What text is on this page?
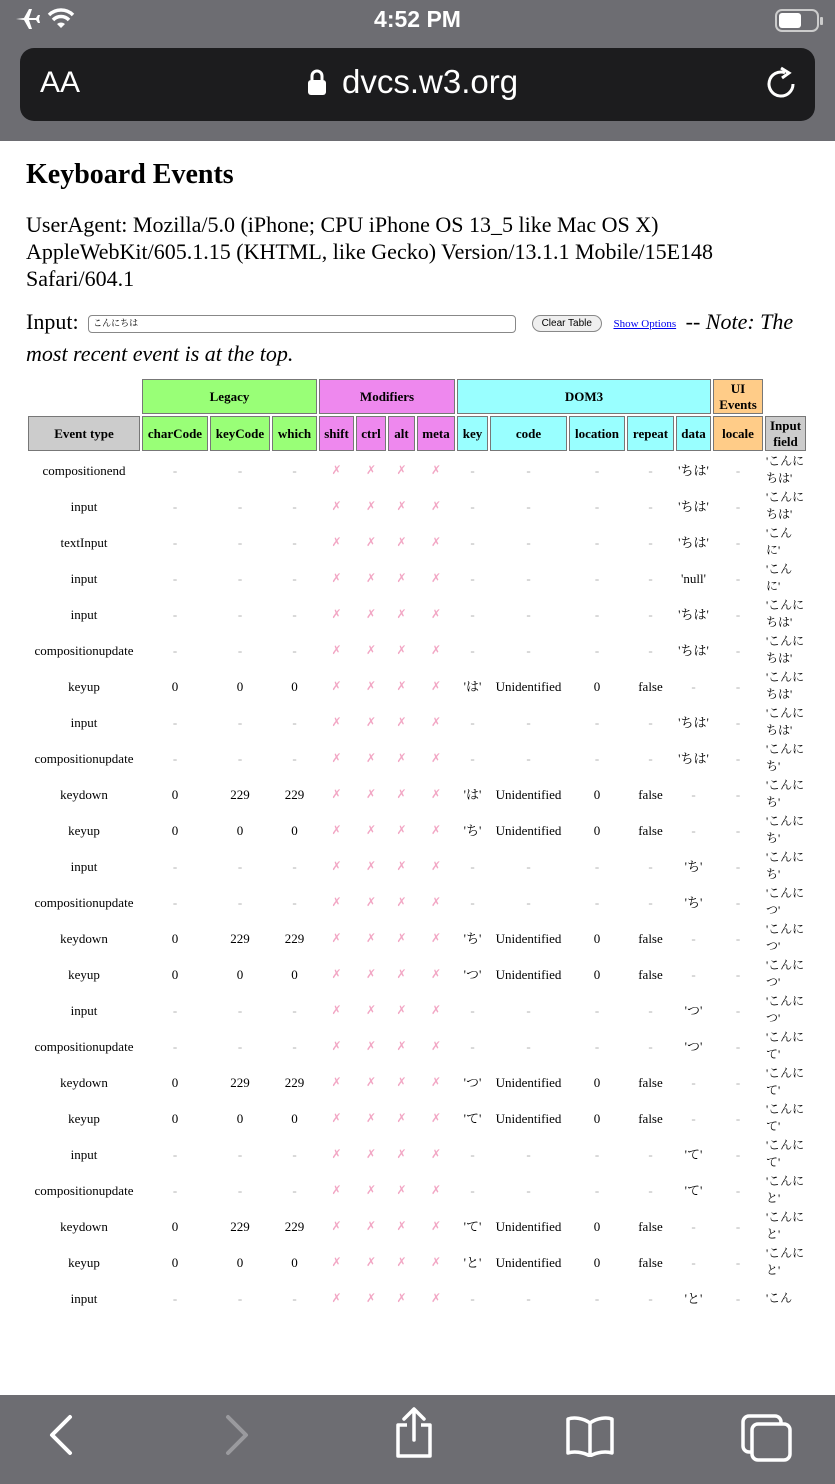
4:52 PM
AA	dvcs.w3.org
Keyboard Events
UserAgent: Mozilla/5.0 (iPhone; CPU iPhone OS 13_5 like Mac OS X) AppleWebKit/605.1.15 (KHTML, like Gecko) Version/13.1.1 Mobile/15E148 Safari/604.1
Input: こんにちは	Clear Table Show Options -- Note: The most recent event is at the top.
	Legacy			Modifiers				DOM3					UI Events	
Event type	charCode	keyCode	which	shift	ctrl	alt	meta	key	code	location	repeat	data	locale	Input field
compositionend	-	-	-	✗	✗	✗	✗	-	-	-	-	'ちは'	-	'こんにちは'
input	-	-	-	✗	✗	✗	✗	-	-	-	-	'ちは'	-	'こんにちは'
textInput	-	-	-	✗	✗	✗	✗	-	-	-	-	'ちは'	-	'こんに'
input	-	-	-	✗	✗	✗	✗	-	-	-	-	'null'	-	'こんに'
input	-	-	-	✗	✗	✗	✗	-	-	-	-	'ちは'	-	'こんにちは'
compositionupdate	-	-	-	✗	✗	✗	✗	-	-	-	-	'ちは'	-	'こんにちは'
keyup	0	0	0	✗	✗	✗	✗	'は'	Unidentified	0	false	-	-	'こんにちは'
input	-	-	-	✗	✗	✗	✗	-	-	-	-	'ちは'	-	'こんにちは'
compositionupdate	-	-	-	✗	✗	✗	✗	-	-	-	-	'ちは'	-	'こんにち'
keydown	0	229	229	✗	✗	✗	✗	'は'	Unidentified	0	false	-	-	'こんにち'
keyup	0	0	0	✗	✗	✗	✗	'ち'	Unidentified	0	false	-	-	'こんにち'
input	-	-	-	✗	✗	✗	✗	-	-	-	-	'ち'	-	'こんにち'
compositionupdate	-	-	-	✗	✗	✗	✗	-	-	-	-	'ち'	-	'こんにつ'
keydown	0	229	229	✗	✗	✗	✗	'ち'	Unidentified	0	false	-	-	'こんにつ'
keyup	0	0	0	✗	✗	✗	✗	'つ'	Unidentified	0	false	-	-	'こんにつ'
input	-	-	-	✗	✗	✗	✗	-	-	-	-	'つ'	-	'こんにつ'
compositionupdate	-	-	-	✗	✗	✗	✗	-	-	-	-	'つ'	-	'こんにて'
keydown	0	229	229	✗	✗	✗	✗	'つ'	Unidentified	0	false	-	-	'こんにて'
keyup	0	0	0	✗	✗	✗	✗	'て'	Unidentified	0	false	-	-	'こんにて'
input	-	-	-	✗	✗	✗	✗	-	-	-	-	'て'	-	'こんにて'
compositionupdate	-	-	-	✗	✗	✗	✗	-	-	-	-	'て'	-	'こんにと'
keydown	0	229	229	✗	✗	✗	✗	'て'	Unidentified	0	false	-	-	'こんにと'
keyup	0	0	0	✗	✗	✗	✗	'と'	Unidentified	0	false	-	-	'こんにと'
input	-	-	-	✗	✗	✗	✗	-	-	-	-	'と'	-	'こん
